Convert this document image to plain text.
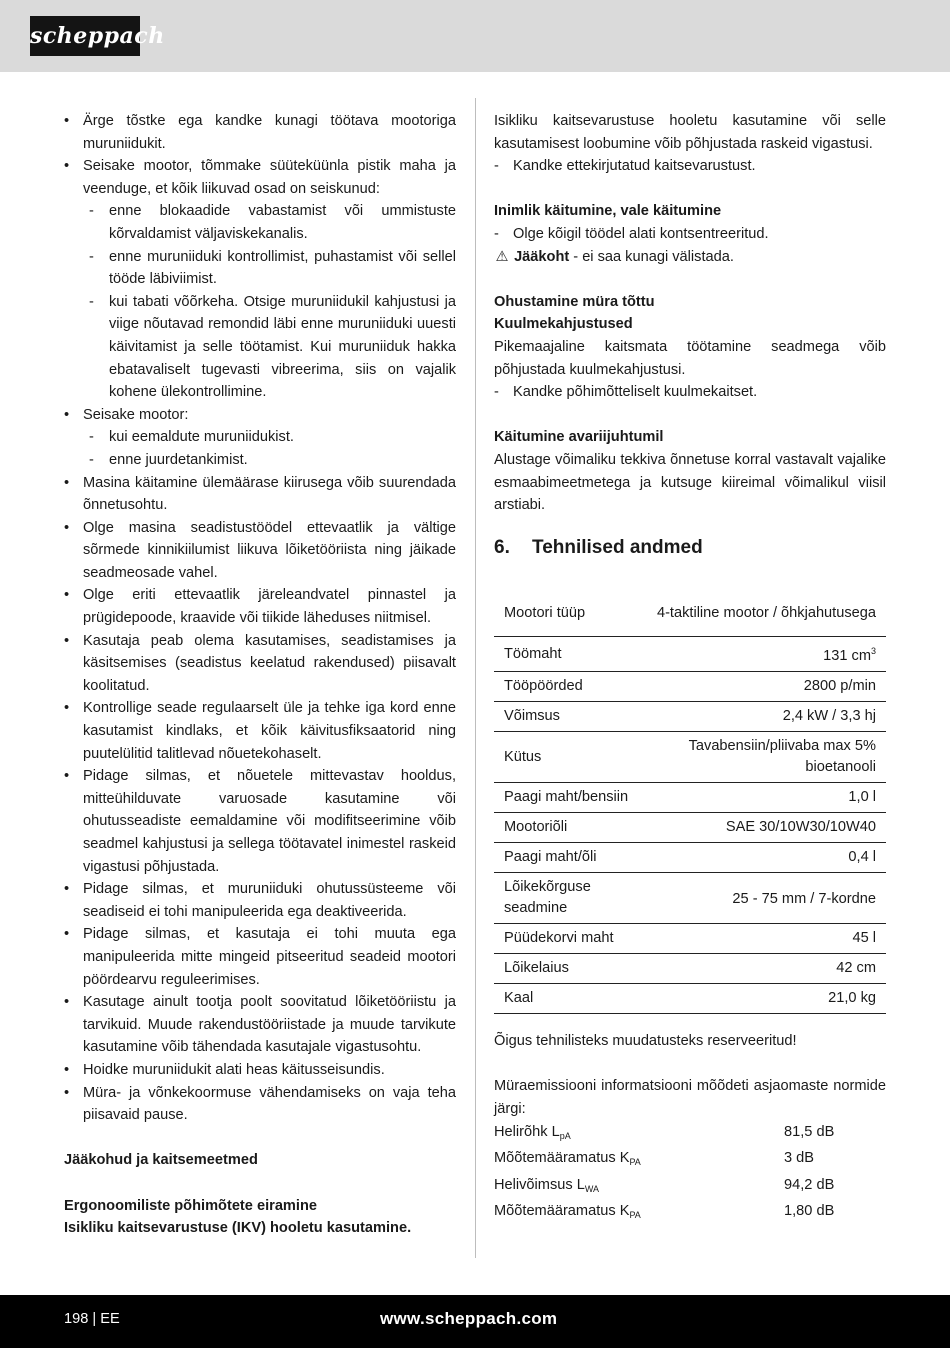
scheppach
• Ärge tõstke ega kandke kunagi töötava mootoriga muruniidukit.
• Seisake mootor, tõmmake süüteküünla pistik maha ja veenduge, et kõik liikuvad osad on seiskunud:
- enne blokaadide vabastamist või ummistuste kõrvaldamist väljaviskekanalis.
- enne muruniiduki kontrollimist, puhastamist või sellel tööde läbiviimist.
- kui tabati võõrkeha. Otsige muruniidukil kahjustusi ja viige nõutavad remondid läbi enne muruniiduki uuesti käivitamist ja selle töötamist. Kui muruniiduk hakka ebatavaliselt tugevasti vibreerima, siis on vajalik kohene ülekontrollimine.
• Seisake mootor:
- kui eemaldute muruniidukist.
- enne juurdetankimist.
• Masina käitamine ülemäärase kiirusega võib suurendada õnnetusohtu.
• Olge masina seadistustöödel ettevaatlik ja vältige sõrmede kinnikiilumist liikuva lõiketööriista ning jäikade seadmeosade vahel.
• Olge eriti ettevaatlik järeleandvatel pinnastel ja prügidepoode, kraavide või tiikide läheduses niitmisel.
• Kasutaja peab olema kasutamises, seadistamises ja käsitsemises (seadistus keelatud rakendused) piisavalt koolitatud.
• Kontrollige seade regulaarselt üle ja tehke iga kord enne kasutamist kindlaks, et kõik käivitusfiksaatorid ning puutelülitid talitlevad nõuetekohaselt.
• Pidage silmas, et nõuetele mittevastav hooldus, mitteühilduvate varuosade kasutamine või ohutusseadiste eemaldamine või modifitseerimine võib seadmel kahjustusi ja sellega töötavatel inimestel raskeid vigastusi põhjustada.
• Pidage silmas, et muruniiduki ohutussüsteeme või seadiseid ei tohi manipuleerida ega deaktiveerida.
• Pidage silmas, et kasutaja ei tohi muuta ega manipuleerida mitte mingeid pitseeritud seadeid mootori pöördearvu reguleerimises.
• Kasutage ainult tootja poolt soovitatud lõiketööriistu ja tarvikuid. Muude rakendustööriistade ja muude tarvikute kasutamine võib tähendada kasutajale vigastusohtu.
• Hoidke muruniidukit alati heas käitusseisundis.
• Müra- ja võnkekoormuse vähendamiseks on vaja teha piisavaid pause.
Jääkohud ja kaitsemeetmed
Ergonoomiliste põhimõtete eiramine
Isikliku kaitsevarustuse (IKV) hooletu kasutamine.
Isikliku kaitsevarustuse hooletu kasutamine või selle kasutamisest loobumine võib põhjustada raskeid vigastusi.
- Kandke ettekirjutatud kaitsevarustust.
Inimlik käitumine, vale käitumine
- Olge kõigil töödel alati kontsentreeritud.
⚠ Jääkoht - ei saa kunagi välistada.
Ohustamine müra tõttu
Kuulmekahjustused
Pikemaajaline kaitsmata töötamine seadmega võib põhjustada kuulmekahjustusi.
- Kandke põhimõtteliselt kuulmekaitset.
Käitumine avariijuhtumil
Alustage võimaliku tekkiva õnnetuse korral vastavalt vajalike esmaabimeetmetega ja kutsuge kiireimal võimalikul viisil arstiabi.
6.	Tehnilised andmed
Mootori tüüp	4-taktiline mootor / õhkjahutusega
Töömaht	131 $cm^3$
Tööpöörded	2800 p/min
Võimsus	2,4 kW / 3,3 hj
Kütus	Tavabensiin/pliivaba max 5% bioetanooli
Paagi maht/bensiin	1,0 l
Mootoriõli	SAE 30/10W30/10W40
Paagi maht/õli	0,4 l
Lõikekõrguse seadmine	25 - 75 mm / 7-kordne
Püüdekorvi maht	45 l
Lõikelaius	42 cm
Kaal	21,0 kg
Õigus tehnilisteks muudatusteks reserveeritud!
Müraemissiooni informatsiooni mõõdeti asjaomaste normide järgi:
Helirõhk $L_{pA}$	81,5 dB
Mõõtemääramatus $K_{PA}$	3 dB
Helivõimsus $L_{WA}$	94,2 dB
Mõõtemääramatus $K_{PA}$	1,80 dB
198 | EE	www.scheppach.com
